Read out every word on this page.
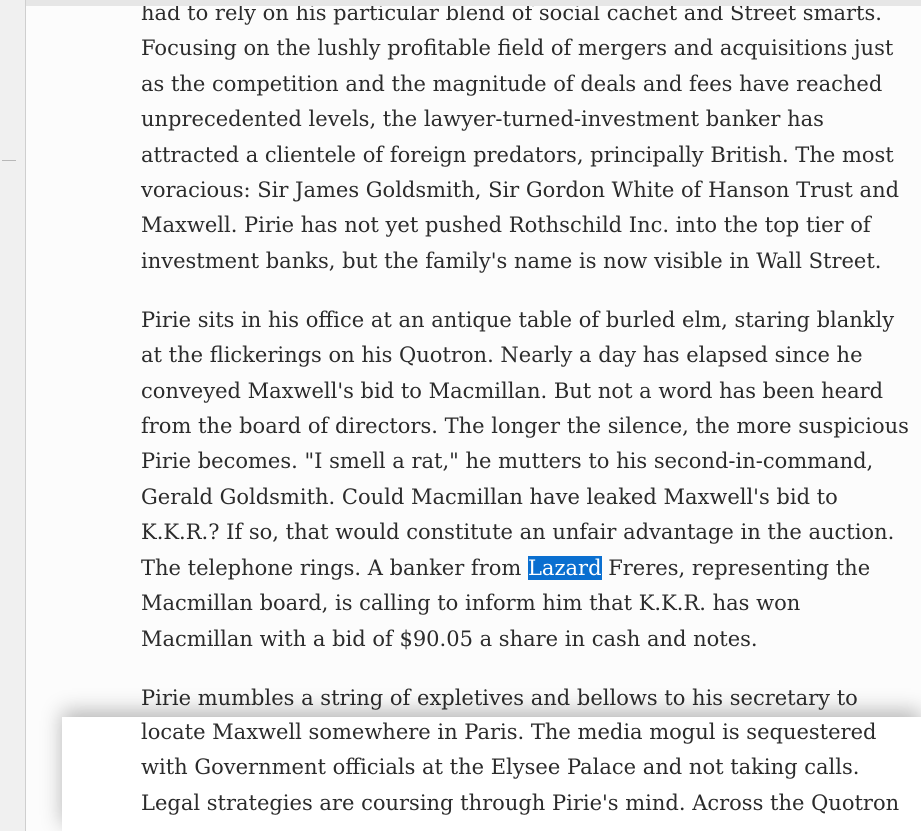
had to rely on his particular blend of social cachet and Street smarts.
Focusing on the lushly profitable field of mergers and acquisitions just
as the competition and the magnitude of deals and fees have reached
unprecedented levels, the lawyer-turned-investment banker has
attracted a clientele of foreign predators, principally British. The most
voracious: Sir James Goldsmith, Sir Gordon White of Hanson Trust and
Maxwell. Pirie has not yet pushed Rothschild Inc. into the top tier of
investment banks, but the family's name is now visible in Wall Street.

Pirie sits in his office at an antique table of burled elm, staring blankly
at the flickerings on his Quotron. Nearly a day has elapsed since he
conveyed Maxwell's bid to Macmillan. But not a word has been heard
from the board of directors. The longer the silence, the more suspicious
Pirie becomes. "I smell a rat," he mutters to his second-in-command,
Gerald Goldsmith. Could Macmillan have leaked Maxwell's bid to
K.K.R.? If so, that would constitute an unfair advantage in the auction.
The telephone rings. A banker from Lazard Freres, representing the
Macmillan board, is calling to inform him that K.K.R. has won
Macmillan with a bid of $90.05 a share in cash and notes.

Pirie mumbles a string of expletives and bellows to his secretary to

locate Maxwell somewhere in Paris. The media mogul is sequestered
with Government officials at the Elysee Palace and not taking calls.
Legal strategies are coursing through Pirie's mind. Across the Quotron
